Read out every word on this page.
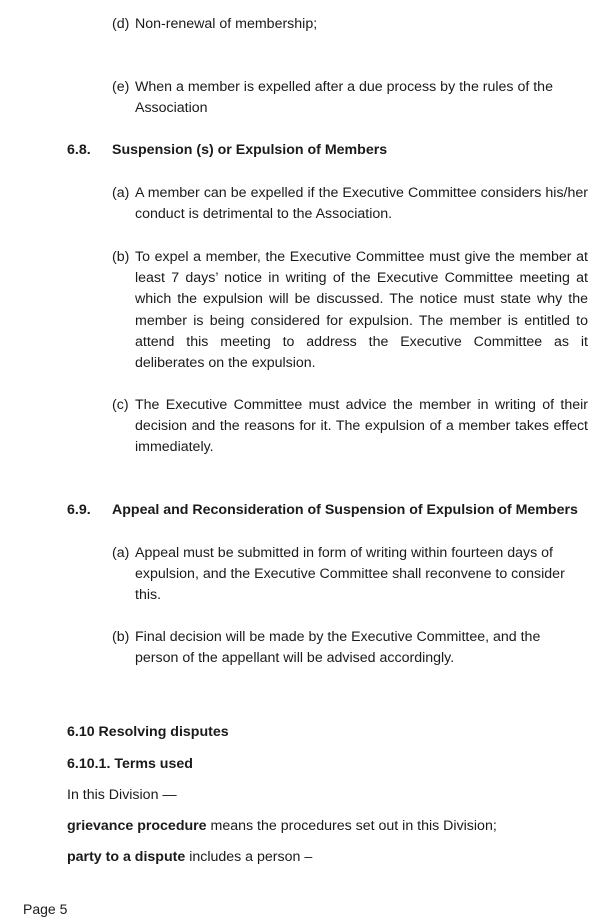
(d) Non-renewal of membership;
(e) When a member is expelled after a due process by the rules of the Association
6.8. Suspension (s) or Expulsion of Members
(a) A member can be expelled if the Executive Committee considers his/her conduct is detrimental to the Association.
(b) To expel a member, the Executive Committee must give the member at least 7 days’ notice in writing of the Executive Committee meeting at which the expulsion will be discussed. The notice must state why the member is being considered for expulsion. The member is entitled to attend this meeting to address the Executive Committee as it deliberates on the expulsion.
(c) The Executive Committee must advice the member in writing of their decision and the reasons for it. The expulsion of a member takes effect immediately.
6.9. Appeal and Reconsideration of Suspension of Expulsion of Members
(a) Appeal must be submitted in form of writing within fourteen days of expulsion, and the Executive Committee shall reconvene to consider this.
(b) Final decision will be made by the Executive Committee, and the person of the appellant will be advised accordingly.
6.10 Resolving disputes
6.10.1. Terms used
In this Division —
grievance procedure means the procedures set out in this Division;
party to a dispute includes a person –
Page 5
